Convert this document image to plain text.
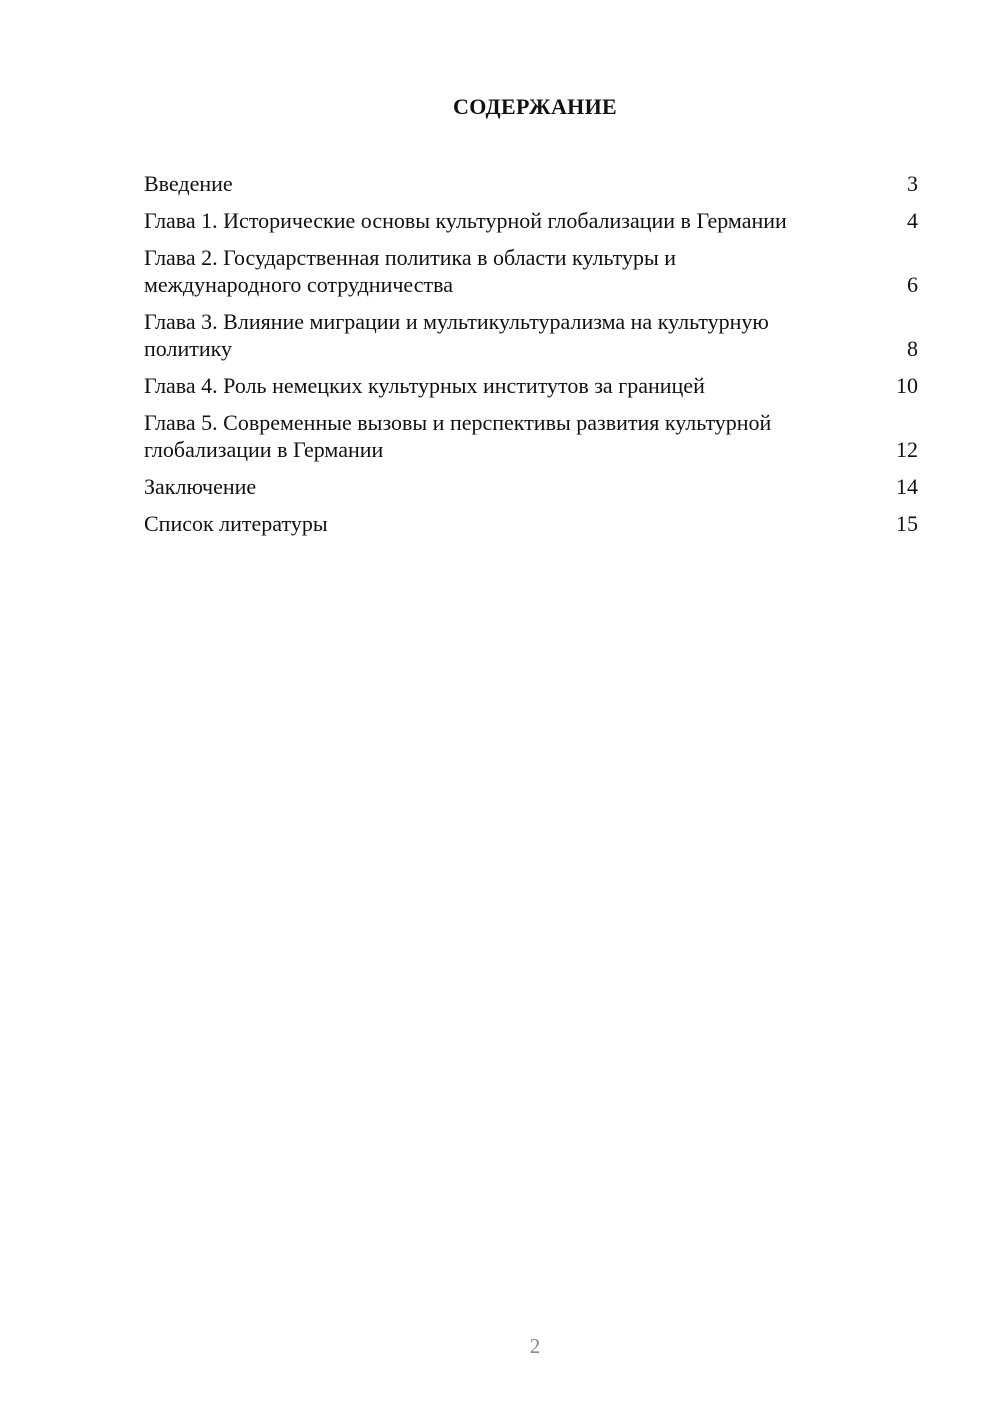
СОДЕРЖАНИЕ
Введение	3
Глава 1. Исторические основы культурной глобализации в Германии	4
Глава 2. Государственная политика в области культуры и международного сотрудничества	6
Глава 3. Влияние миграции и мультикультурализма на культурную политику	8
Глава 4. Роль немецких культурных институтов за границей	10
Глава 5. Современные вызовы и перспективы развития культурной глобализации в Германии	12
Заключение	14
Список литературы	15
2
